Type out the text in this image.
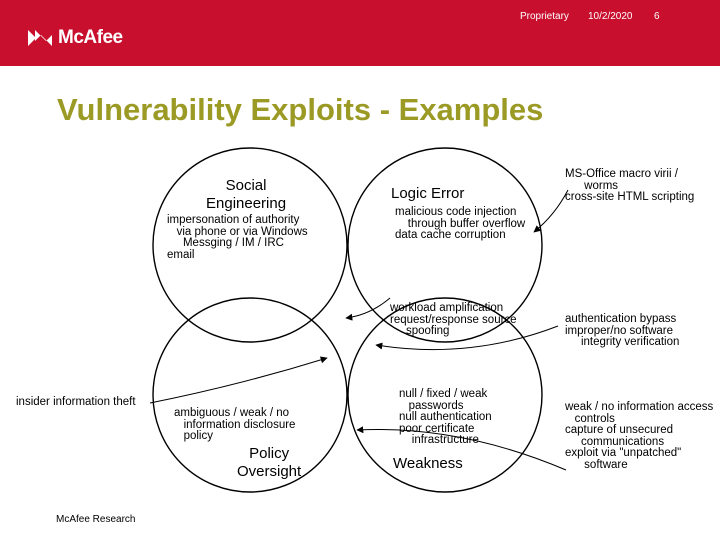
McAfee
Proprietary 10/2/2020 6
Vulnerability Exploits - Examples
Social
Engineering
Logic Error
Policy
Oversight	Weakness
impersonation of authority
via phone or via Windows
Messging / IM / IRC
email
malicious code injection
through buffer overflow
data cache corruption
workload amplification
request/response source
spoofing
ambiguous / weak / no
information disclosure
policy
null / fixed / weak
passwords
null authentication
poor certificate
infrastructure
insider information theft
MS-Office macro virii /
worms
cross-site HTML scripting
authentication bypass
improper/no software
integrity verification
weak / no information access
controls
capture of unsecured
communications
exploit via "unpatched"
software
McAfee Research
